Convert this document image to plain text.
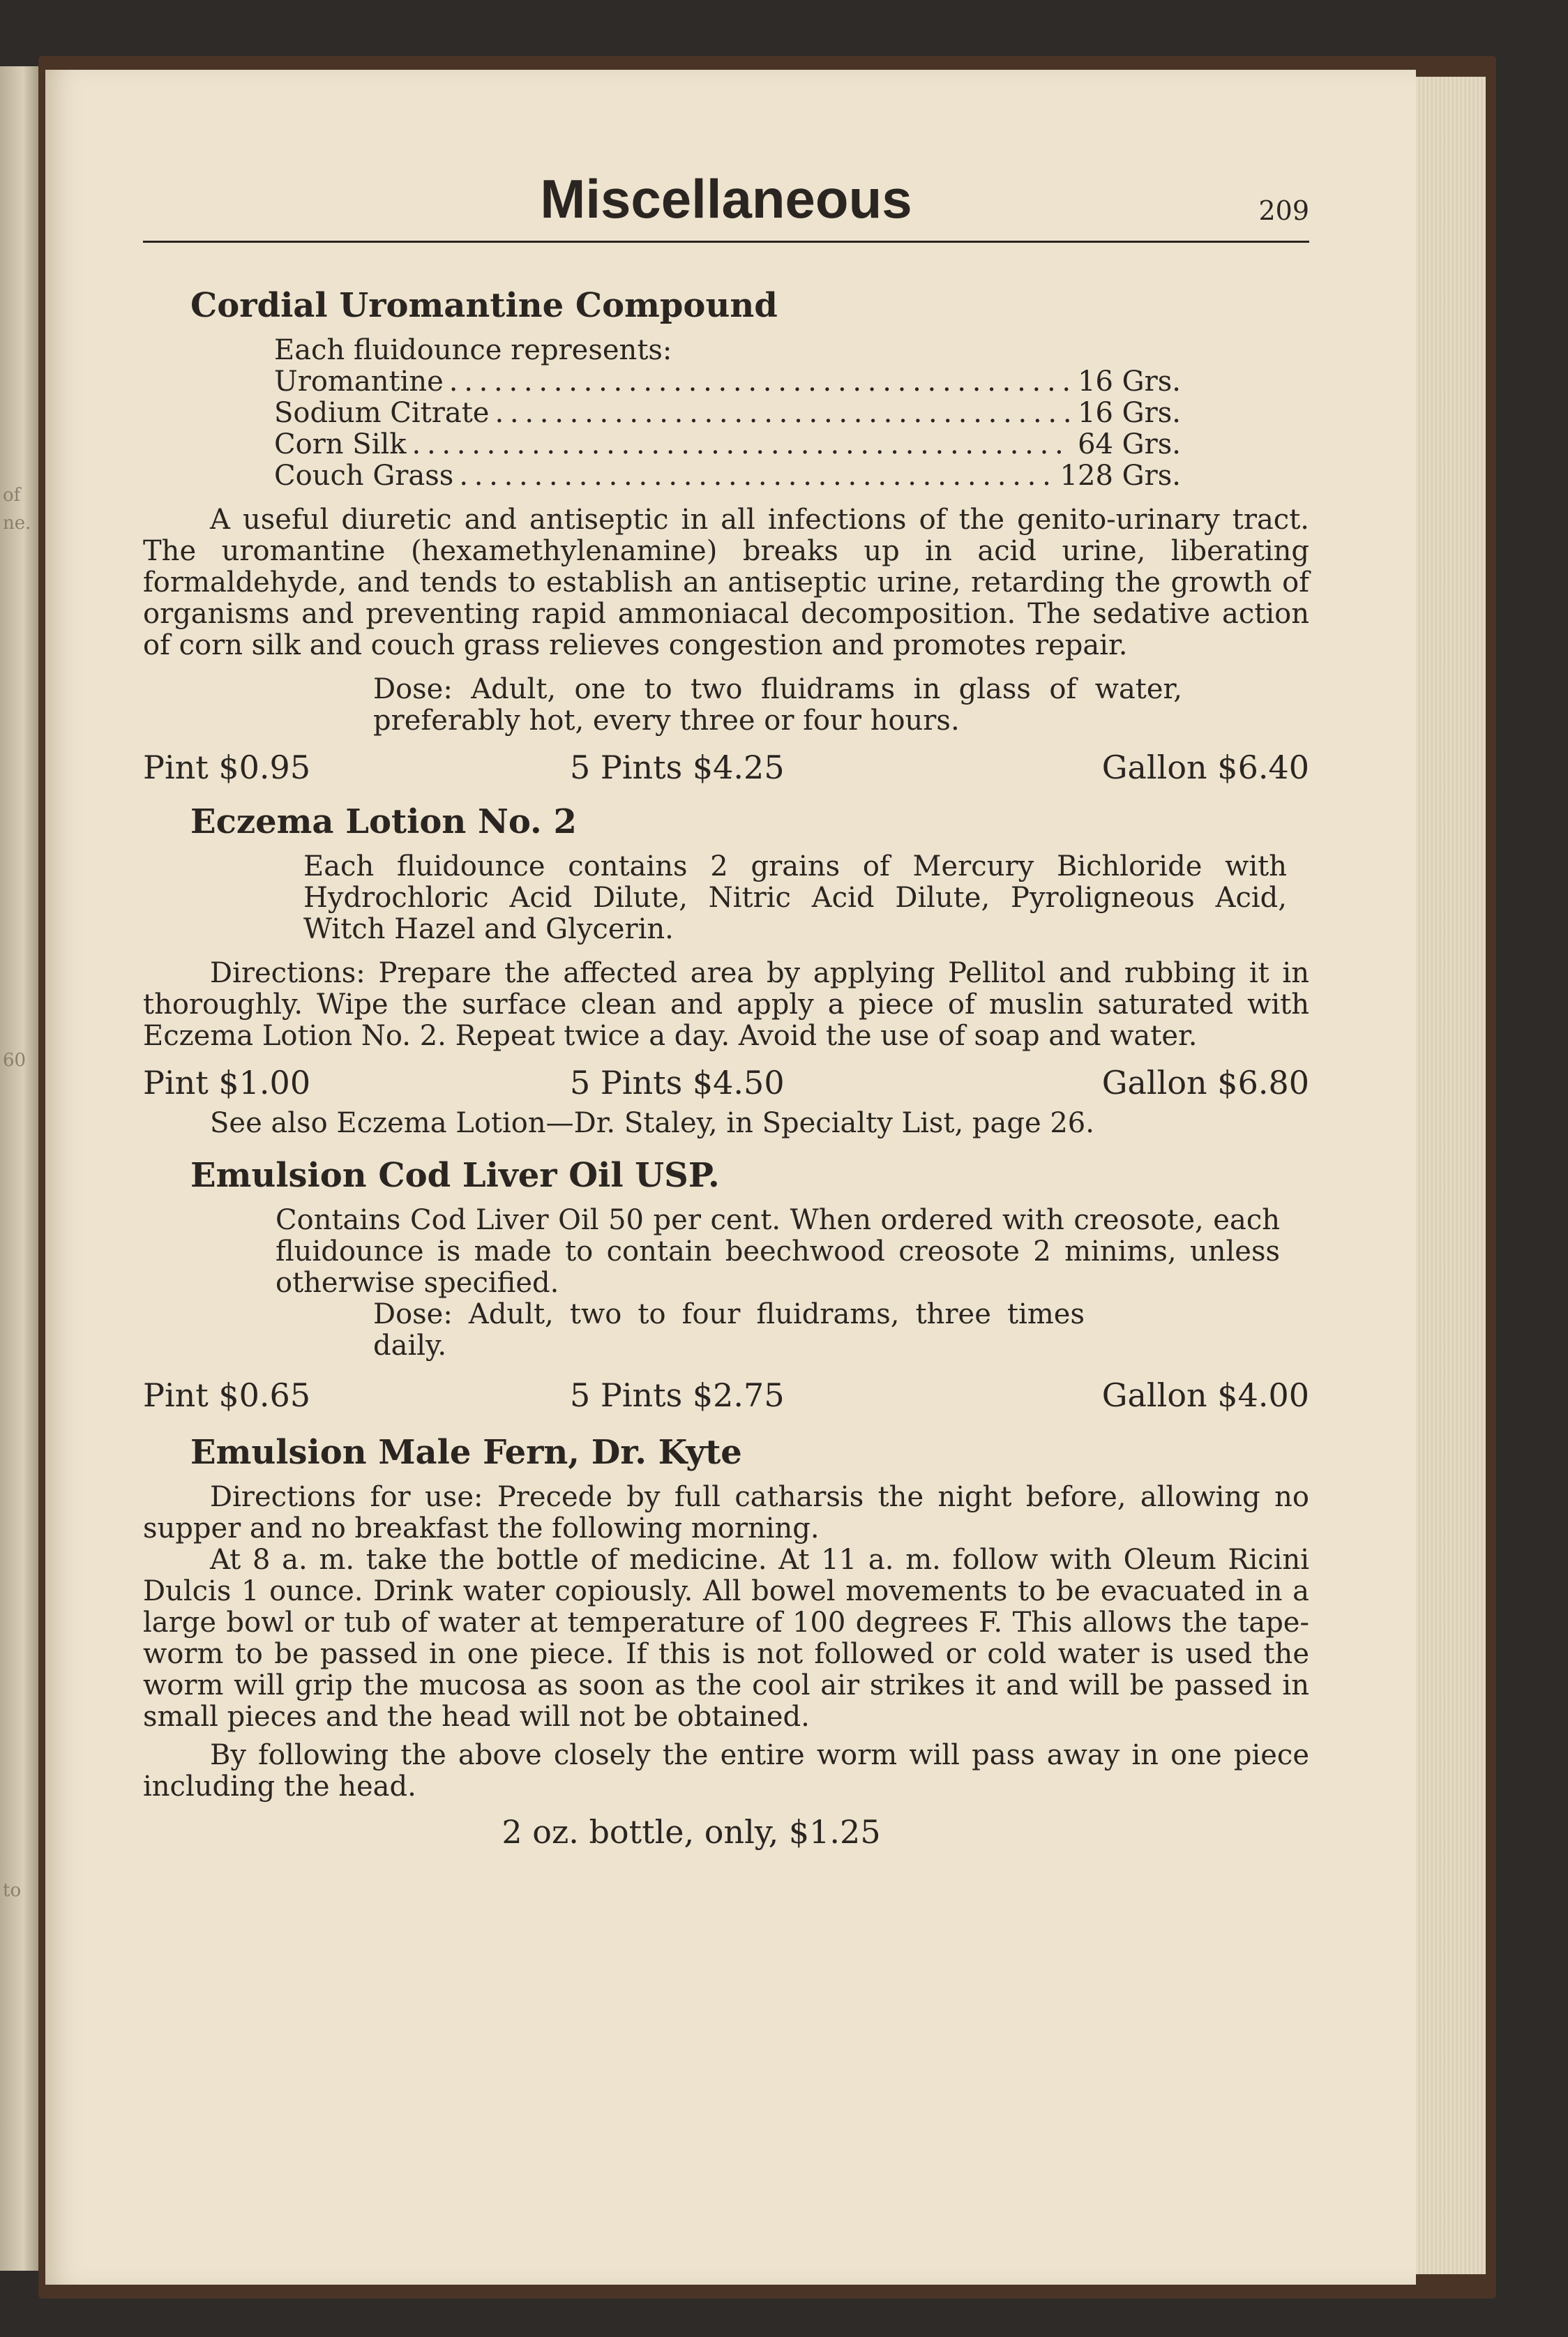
of
ne.
60
to
Miscellaneous	209
Cordial Uromantine Compound
Each fluidounce represents:
Uromantine . . .	16 Grs.
Sodium Citrate . . .	16 Grs.
Corn Silk . . .	64 Grs.
Couch Grass . . .	128 Grs.
A useful diuretic and antiseptic in all infections of the genito-urinary tract. The uromantine (hexamethylenamine) breaks up in acid urine, liberating formaldehyde, and tends to establish an antiseptic urine, retarding the growth of organisms and preventing rapid ammoniacal decomposition. The sedative action of corn silk and couch grass relieves congestion and promotes repair.
Dose: Adult, one to two fluidrams in glass of water, preferably hot, every three or four hours.
Pint $0.95	5 Pints $4.25	Gallon $6.40
Eczema Lotion No. 2
Each fluidounce contains 2 grains of Mercury Bichloride with Hydrochloric Acid Dilute, Nitric Acid Dilute, Pyroligneous Acid, Witch Hazel and Glycerin.
Directions: Prepare the affected area by applying Pellitol and rubbing it in thoroughly. Wipe the surface clean and apply a piece of muslin saturated with Eczema Lotion No. 2. Repeat twice a day. Avoid the use of soap and water.
Pint $1.00	5 Pints $4.50	Gallon $6.80
See also Eczema Lotion—Dr. Staley, in Specialty List, page 26.
Emulsion Cod Liver Oil USP.
Contains Cod Liver Oil 50 per cent. When ordered with creosote, each fluidounce is made to contain beechwood creosote 2 minims, unless otherwise specified.
Dose: Adult, two to four fluidrams, three times daily.
Pint $0.65	5 Pints $2.75	Gallon $4.00
Emulsion Male Fern, Dr. Kyte
Directions for use: Precede by full catharsis the night before, allowing no supper and no breakfast the following morning.
At 8 a. m. take the bottle of medicine. At 11 a. m. follow with Oleum Ricini Dulcis 1 ounce. Drink water copiously. All bowel movements to be evacuated in a large bowl or tub of water at temperature of 100 degrees F. This allows the tape-worm to be passed in one piece. If this is not followed or cold water is used the worm will grip the mucosa as soon as the cool air strikes it and will be passed in small pieces and the head will not be obtained.
By following the above closely the entire worm will pass away in one piece including the head.
2 oz. bottle, only, $1.25
